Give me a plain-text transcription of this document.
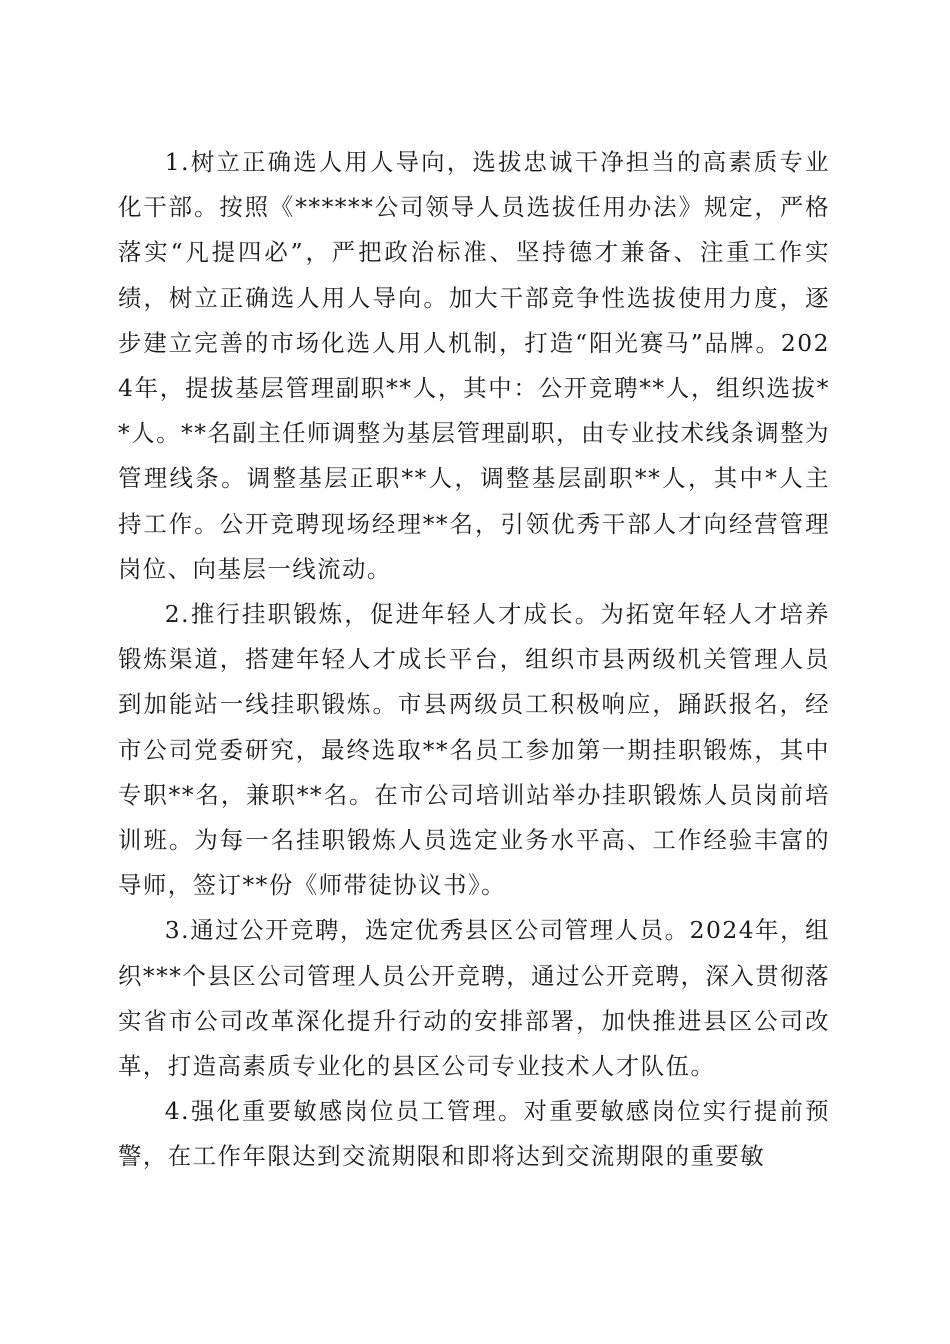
1.树立正确选人用人导向，选拔忠诚干净担当的高素质专业化干部。按照《******公司领导人员选拔任用办法》规定，严格落实“凡提四必”，严把政治标准、坚持德才兼备、注重工作实绩，树立正确选人用人导向。加大干部竞争性选拔使用力度，逐步建立完善的市场化选人用人机制，打造“阳光赛马”品牌。2024年，提拔基层管理副职**人，其中：公开竞聘**人，组织选拔**人。**名副主任师调整为基层管理副职，由专业技术线条调整为管理线条。调整基层正职**人，调整基层副职**人，其中*人主持工作。公开竞聘现场经理**名，引领优秀干部人才向经营管理岗位、向基层一线流动。

2.推行挂职锻炼，促进年轻人才成长。为拓宽年轻人才培养锻炼渠道，搭建年轻人才成长平台，组织市县两级机关管理人员到加能站一线挂职锻炼。市县两级员工积极响应，踊跃报名，经市公司党委研究，最终选取**名员工参加第一期挂职锻炼，其中专职**名，兼职**名。在市公司培训站举办挂职锻炼人员岗前培训班。为每一名挂职锻炼人员选定业务水平高、工作经验丰富的导师，签订**份《师带徒协议书》。

3.通过公开竞聘，选定优秀县区公司管理人员。2024年，组织***个县区公司管理人员公开竞聘，通过公开竞聘，深入贯彻落实省市公司改革深化提升行动的安排部署，加快推进县区公司改革，打造高素质专业化的县区公司专业技术人才队伍。

4.强化重要敏感岗位员工管理。对重要敏感岗位实行提前预警，在工作年限达到交流期限和即将达到交流期限的重要敏
